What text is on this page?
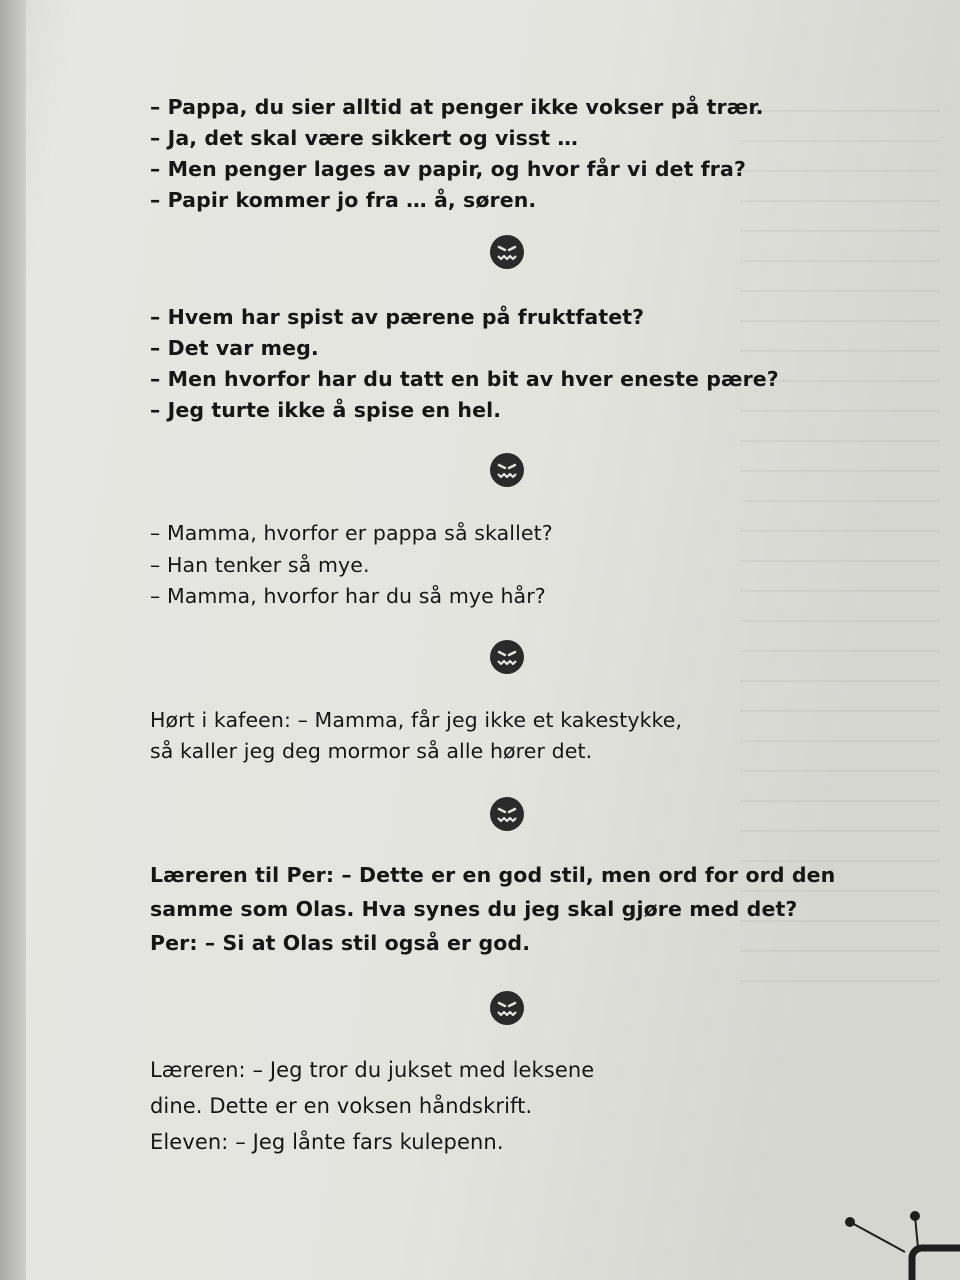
– Pappa, du sier alltid at penger ikke vokser på trær.
– Ja, det skal være sikkert og visst …
– Men penger lages av papir, og hvor får vi det fra?
– Papir kommer jo fra … å, søren.
– Hvem har spist av pærene på fruktfatet?
– Det var meg.
– Men hvorfor har du tatt en bit av hver eneste pære?
– Jeg turte ikke å spise en hel.
– Mamma, hvorfor er pappa så skallet?
– Han tenker så mye.
– Mamma, hvorfor har du så mye hår?
Hørt i kafeen: – Mamma, får jeg ikke et kakestykke,
så kaller jeg deg mormor så alle hører det.
Læreren til Per: – Dette er en god stil, men ord for ord den
samme som Olas. Hva synes du jeg skal gjøre med det?
Per: – Si at Olas stil også er god.
Læreren: – Jeg tror du jukset med leksene
dine. Dette er en voksen håndskrift.
Eleven: – Jeg lånte fars kulepenn.
